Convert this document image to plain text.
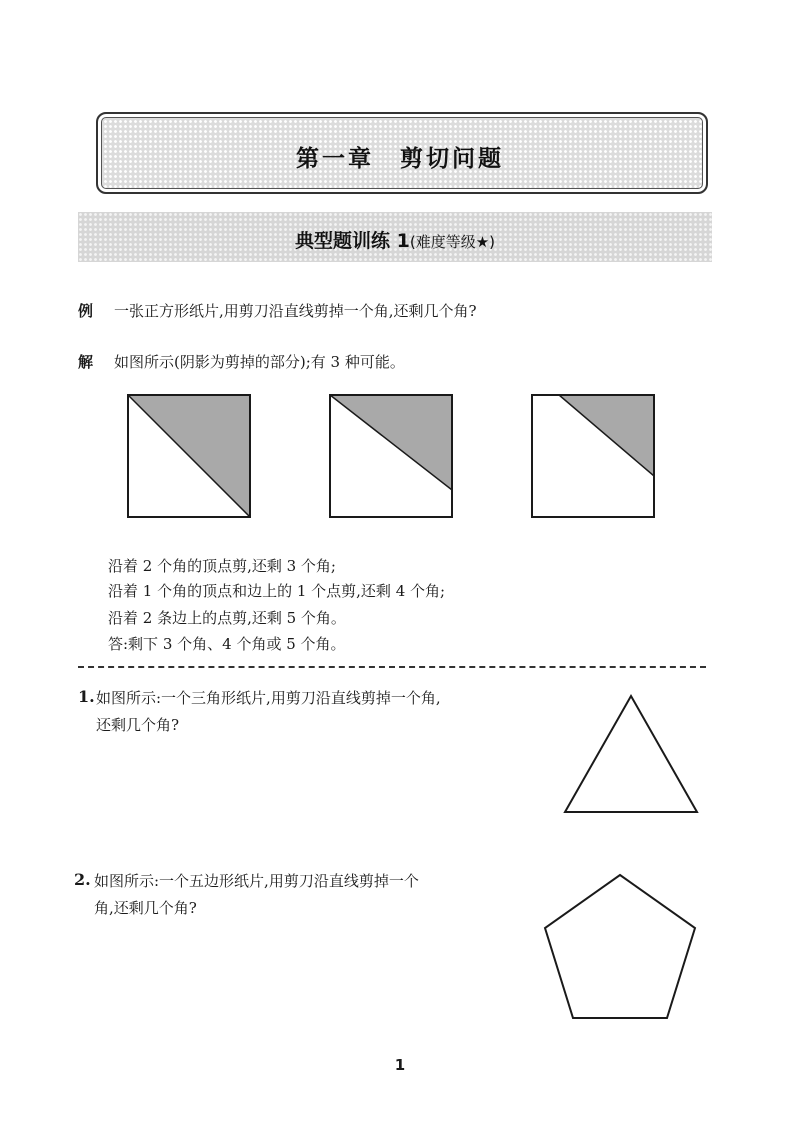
第一章　剪切问题
典型题训练 1(难度等级★)
例 一张正方形纸片,用剪刀沿直线剪掉一个角,还剩几个角?
解 如图所示(阴影为剪掉的部分);有 3 种可能。
沿着 2 个角的顶点剪,还剩 3 个角;
沿着 1 个角的顶点和边上的 1 个点剪,还剩 4 个角;
沿着 2 条边上的点剪,还剩 5 个角。
答:剩下 3 个角、4 个角或 5 个角。
1. 如图所示:一个三角形纸片,用剪刀沿直线剪掉一个角,
还剩几个角?
2. 如图所示:一个五边形纸片,用剪刀沿直线剪掉一个
角,还剩几个角?
1
